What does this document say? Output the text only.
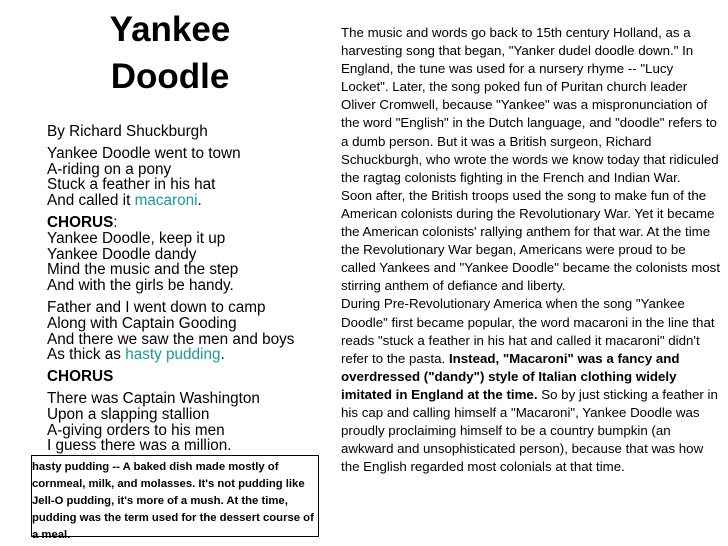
Yankee
Doodle
By Richard Shuckburgh
Yankee Doodle went to town
A-riding on a pony
Stuck a feather in his hat
And called it macaroni.
CHORUS:
Yankee Doodle, keep it up
Yankee Doodle dandy
Mind the music and the step
And with the girls be handy.
Father and I went down to camp
Along with Captain Gooding
And there we saw the men and boys
As thick as hasty pudding.
CHORUS
There was Captain Washington
Upon a slapping stallion
A-giving orders to his men
I guess there was a million.
hasty pudding -- A baked dish made mostly of cornmeal, milk, and molasses. It's not pudding like Jell-O pudding, it's more of a mush. At the time, pudding was the term used for the dessert course of a meal.

The music and words go back to 15th century Holland, as a harvesting song that began, "Yanker dudel doodle down." In England, the tune was used for a nursery rhyme -- "Lucy Locket". Later, the song poked fun of Puritan church leader Oliver Cromwell, because "Yankee" was a mispronunciation of the word "English" in the Dutch language, and "doodle" refers to a dumb person. But it was a British surgeon, Richard Schuckburgh, who wrote the words we know today that ridiculed the ragtag colonists fighting in the French and Indian War.

Soon after, the British troops used the song to make fun of the American colonists during the Revolutionary War. Yet it became the American colonists' rallying anthem for that war. At the time the Revolutionary War began, Americans were proud to be called Yankees and "Yankee Doodle" became the colonists most stirring anthem of defiance and liberty.

During Pre-Revolutionary America when the song "Yankee Doodle" first became popular, the word macaroni in the line that reads "stuck a feather in his hat and called it macaroni" didn't refer to the pasta. Instead, "Macaroni" was a fancy and overdressed ("dandy") style of Italian clothing widely imitated in England at the time. So by just sticking a feather in his cap and calling himself a "Macaroni", Yankee Doodle was proudly proclaiming himself to be a country bumpkin (an awkward and unsophisticated person), because that was how the English regarded most colonials at that time.
